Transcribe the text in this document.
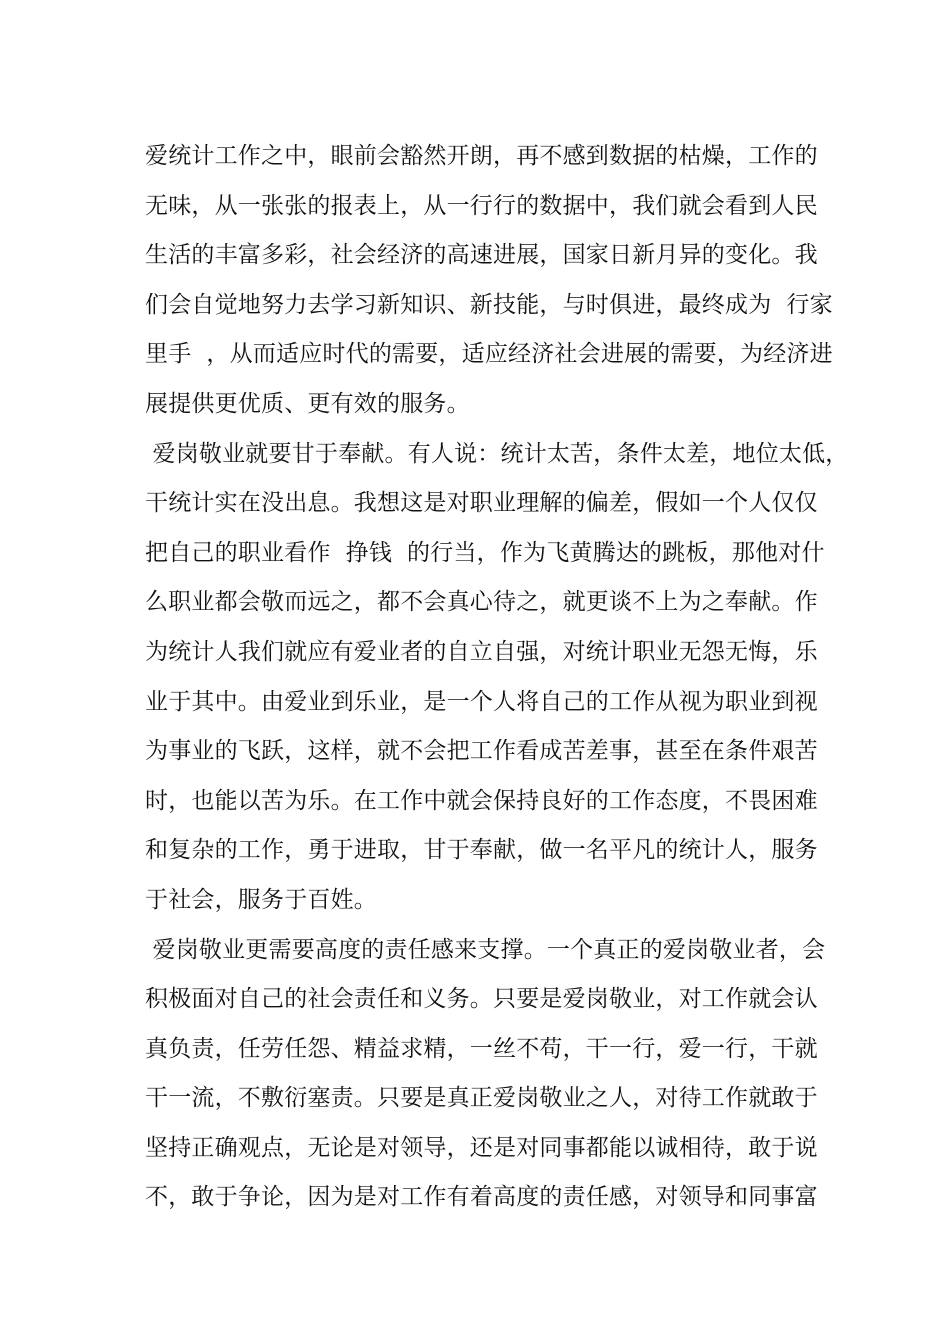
爱统计工作之中，眼前会豁然开朗，再不感到数据的枯燥，工作的
无味，从一张张的报表上，从一行行的数据中，我们就会看到人民
生活的丰富多彩，社会经济的高速进展，国家日新月异的变化。我
们会自觉地努力去学习新知识、新技能，与时俱进，最终成为  行家
里手  ，从而适应时代的需要，适应经济社会进展的需要，为经济进
展提供更优质、更有效的服务。
爱岗敬业就要甘于奉献。有人说：统计太苦，条件太差，地位太低，
干统计实在没出息。我想这是对职业理解的偏差，假如一个人仅仅
把自己的职业看作  挣钱  的行当，作为飞黄腾达的跳板，那他对什
么职业都会敬而远之，都不会真心待之，就更谈不上为之奉献。作
为统计人我们就应有爱业者的自立自强，对统计职业无怨无悔，乐
业于其中。由爱业到乐业，是一个人将自己的工作从视为职业到视
为事业的飞跃，这样，就不会把工作看成苦差事，甚至在条件艰苦
时，也能以苦为乐。在工作中就会保持良好的工作态度，不畏困难
和复杂的工作，勇于进取，甘于奉献，做一名平凡的统计人，服务
于社会，服务于百姓。
爱岗敬业更需要高度的责任感来支撑。一个真正的爱岗敬业者，会
积极面对自己的社会责任和义务。只要是爱岗敬业，对工作就会认
真负责，任劳任怨、精益求精，一丝不苟，干一行，爱一行，干就
干一流，不敷衍塞责。只要是真正爱岗敬业之人，对待工作就敢于
坚持正确观点，无论是对领导，还是对同事都能以诚相待，敢于说
不，敢于争论，因为是对工作有着高度的责任感，对领导和同事富
